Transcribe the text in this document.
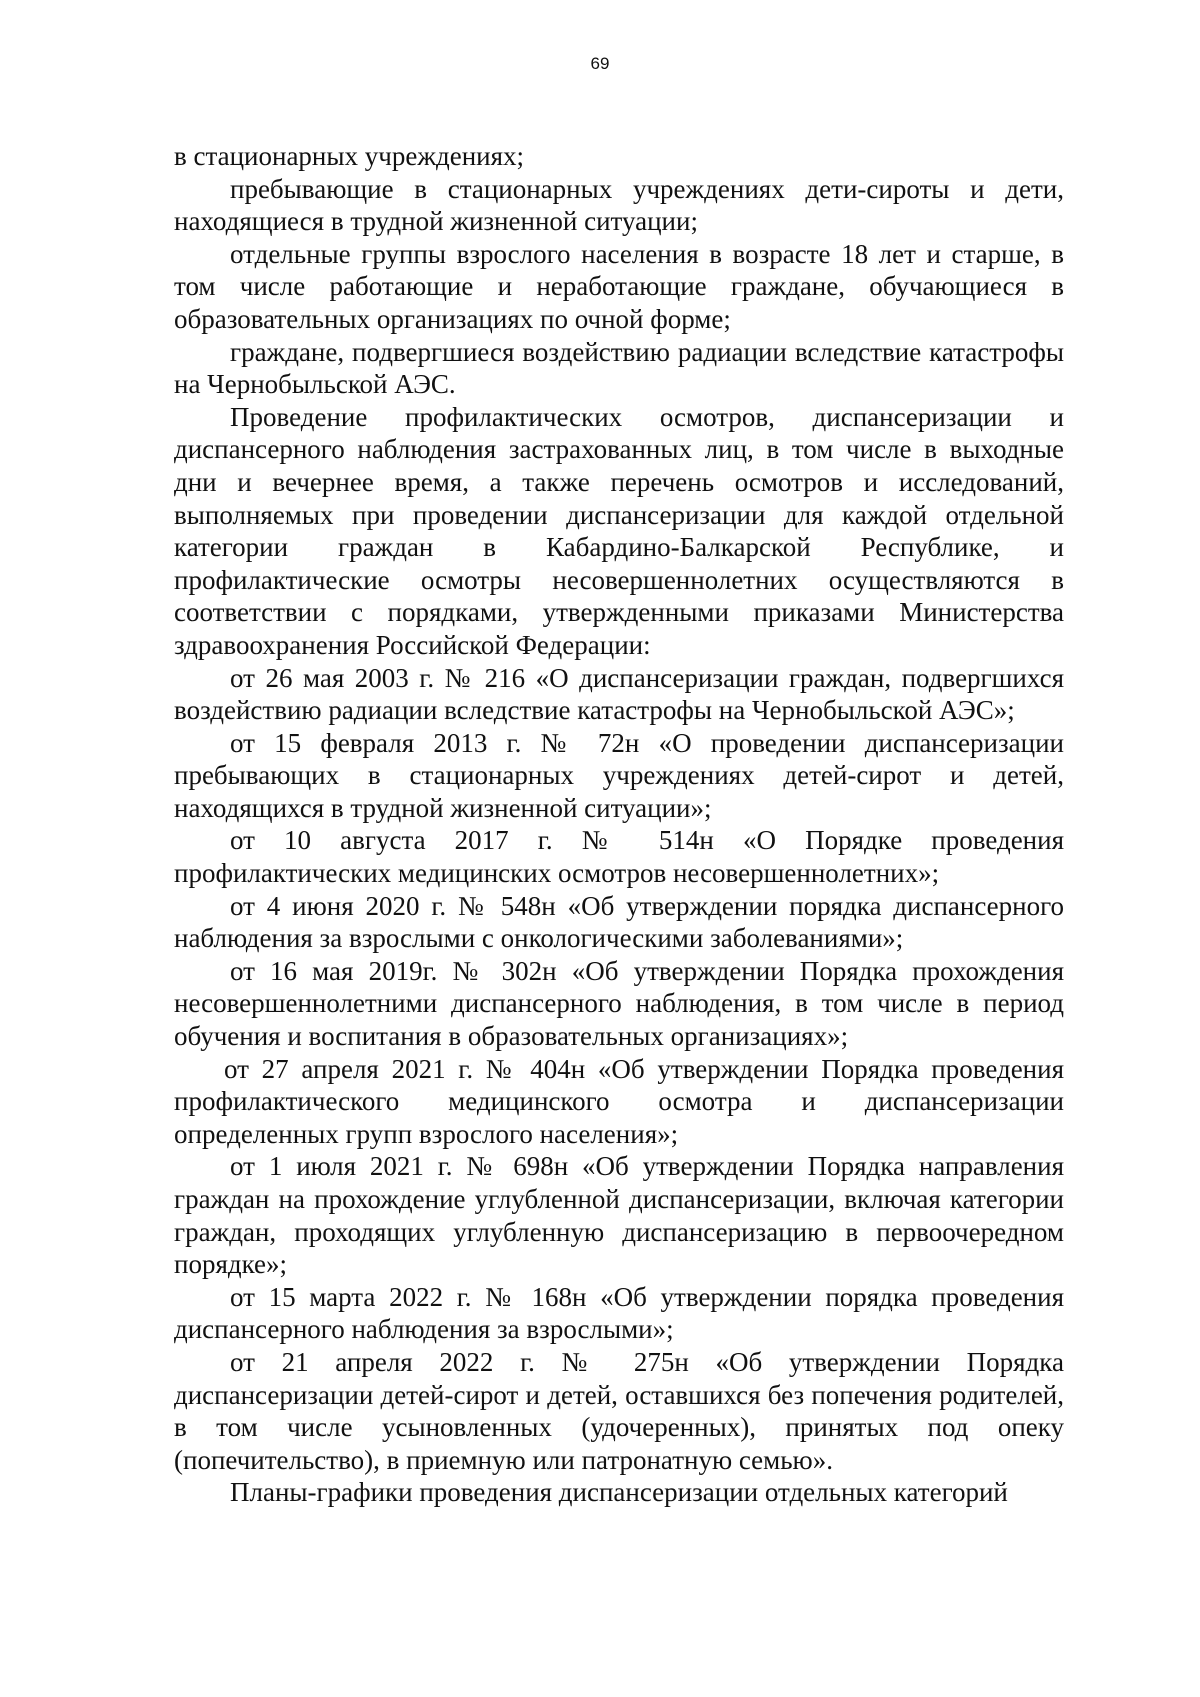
69

в стационарных учреждениях;

пребывающие в стационарных учреждениях дети-сироты и дети, находящиеся в трудной жизненной ситуации;

отдельные группы взрослого населения в возрасте 18 лет и старше, в том числе работающие и неработающие граждане, обучающиеся в образовательных организациях по очной форме;

граждане, подвергшиеся воздействию радиации вследствие катастрофы на Чернобыльской АЭС.

Проведение профилактических осмотров, диспансеризации и диспансерного наблюдения застрахованных лиц, в том числе в выходные дни и вечернее время, а также перечень осмотров и исследований, выполняемых при проведении диспансеризации для каждой отдельной категории граждан в Кабардино-Балкарской Республике, и профилактические осмотры несовершеннолетних осуществляются в соответствии с порядками, утвержденными приказами Министерства здравоохранения Российской Федерации:

от 26 мая 2003 г. № 216 «О диспансеризации граждан, подвергшихся воздействию радиации вследствие катастрофы на Чернобыльской АЭС»;

от 15 февраля 2013 г. № 72н «О проведении диспансеризации пребывающих в стационарных учреждениях детей-сирот и детей, находящихся в трудной жизненной ситуации»;

от 10 августа 2017 г. № 514н «О Порядке проведения профилактических медицинских осмотров несовершеннолетних»;

от 4 июня 2020 г. № 548н «Об утверждении порядка диспансерного наблюдения за взрослыми с онкологическими заболеваниями»;

от 16 мая 2019г. № 302н «Об утверждении Порядка прохождения несовершеннолетними диспансерного наблюдения, в том числе в период обучения и воспитания в образовательных организациях»;

от 27 апреля 2021 г. № 404н «Об утверждении Порядка проведения профилактического медицинского осмотра и диспансеризации определенных групп взрослого населения»;

от 1 июля 2021 г. № 698н «Об утверждении Порядка направления граждан на прохождение углубленной диспансеризации, включая категории граждан, проходящих углубленную диспансеризацию в первоочередном порядке»;

от 15 марта 2022 г. № 168н «Об утверждении порядка проведения диспансерного наблюдения за взрослыми»;

от 21 апреля 2022 г. № 275н «Об утверждении Порядка диспансеризации детей-сирот и детей, оставшихся без попечения родителей, в том числе усыновленных (удочеренных), принятых под опеку (попечительство), в приемную или патронатную семью».

Планы-графики проведения диспансеризации отдельных категорий
